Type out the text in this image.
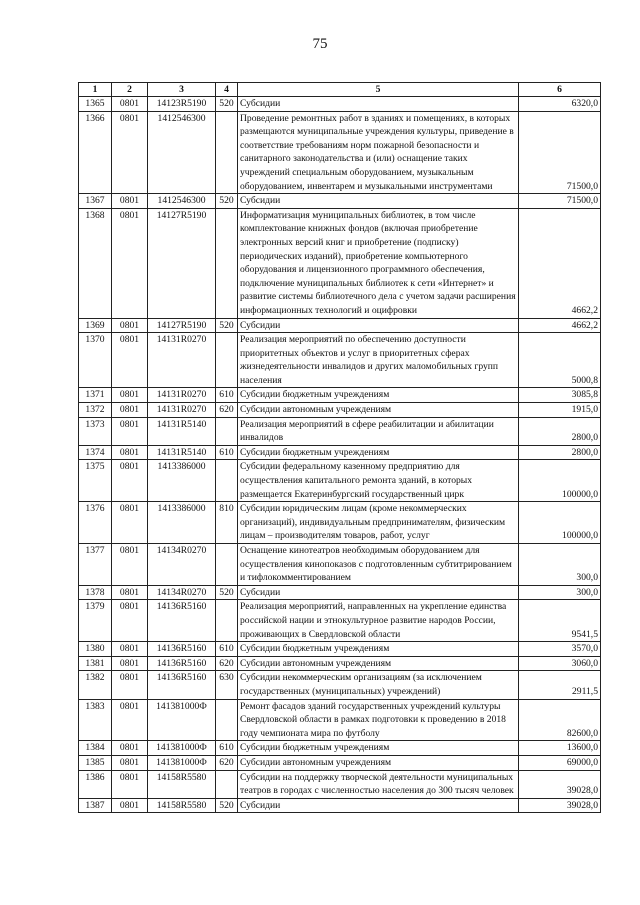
75
1	2	3	4	5	6
1365	0801	14123R5190	520	Субсидии	6320,0
1366	0801	1412546300		Проведение ремонтных работ в зданиях и помещениях, в которых размещаются муниципальные учреждения культуры, приведение в соответствие требованиям норм пожарной безопасности и санитарного законодательства и (или) оснащение таких учреждений специальным оборудованием, музыкальным оборудованием, инвентарем и музыкальными инструментами	71500,0
1367	0801	1412546300	520	Субсидии	71500,0
1368	0801	14127R5190		Информатизация муниципальных библиотек, в том числе комплектование книжных фондов (включая приобретение электронных версий книг и приобретение (подписку) периодических изданий), приобретение компьютерного оборудования и лицензионного программного обеспечения, подключение муниципальных библиотек к сети «Интернет» и развитие системы библиотечного дела с учетом задачи расширения информационных технологий и оцифровки	4662,2
1369	0801	14127R5190	520	Субсидии	4662,2
1370	0801	14131R0270		Реализация мероприятий по обеспечению доступности приоритетных объектов и услуг в приоритетных сферах жизнедеятельности инвалидов и других маломобильных групп населения	5000,8
1371	0801	14131R0270	610	Субсидии бюджетным учреждениям	3085,8
1372	0801	14131R0270	620	Субсидии автономным учреждениям	1915,0
1373	0801	14131R5140		Реализация мероприятий в сфере реабилитации и абилитации инвалидов	2800,0
1374	0801	14131R5140	610	Субсидии бюджетным учреждениям	2800,0
1375	0801	1413386000		Субсидии федеральному казенному предприятию для осуществления капитального ремонта зданий, в которых размещается Екатеринбургский государственный цирк	100000,0
1376	0801	1413386000	810	Субсидии юридическим лицам (кроме некоммерческих организаций), индивидуальным предпринимателям, физическим лицам – производителям товаров, работ, услуг	100000,0
1377	0801	14134R0270		Оснащение кинотеатров необходимым оборудованием для осуществления кинопоказов с подготовленным субтитрированием и тифлокомментированием	300,0
1378	0801	14134R0270	520	Субсидии	300,0
1379	0801	14136R5160		Реализация мероприятий, направленных на укрепление единства российской нации и этнокультурное развитие народов России, проживающих в Свердловской области	9541,5
1380	0801	14136R5160	610	Субсидии бюджетным учреждениям	3570,0
1381	0801	14136R5160	620	Субсидии автономным учреждениям	3060,0
1382	0801	14136R5160	630	Субсидии некоммерческим организациям (за исключением государственных (муниципальных) учреждений)	2911,5
1383	0801	141381000Ф		Ремонт фасадов зданий государственных учреждений культуры Свердловской области в рамках подготовки к проведению в 2018 году чемпионата мира по футболу	82600,0
1384	0801	141381000Ф	610	Субсидии бюджетным учреждениям	13600,0
1385	0801	141381000Ф	620	Субсидии автономным учреждениям	69000,0
1386	0801	14158R5580		Субсидии на поддержку творческой деятельности муниципальных театров в городах с численностью населения до 300 тысяч человек	39028,0
1387	0801	14158R5580	520	Субсидии	39028,0
